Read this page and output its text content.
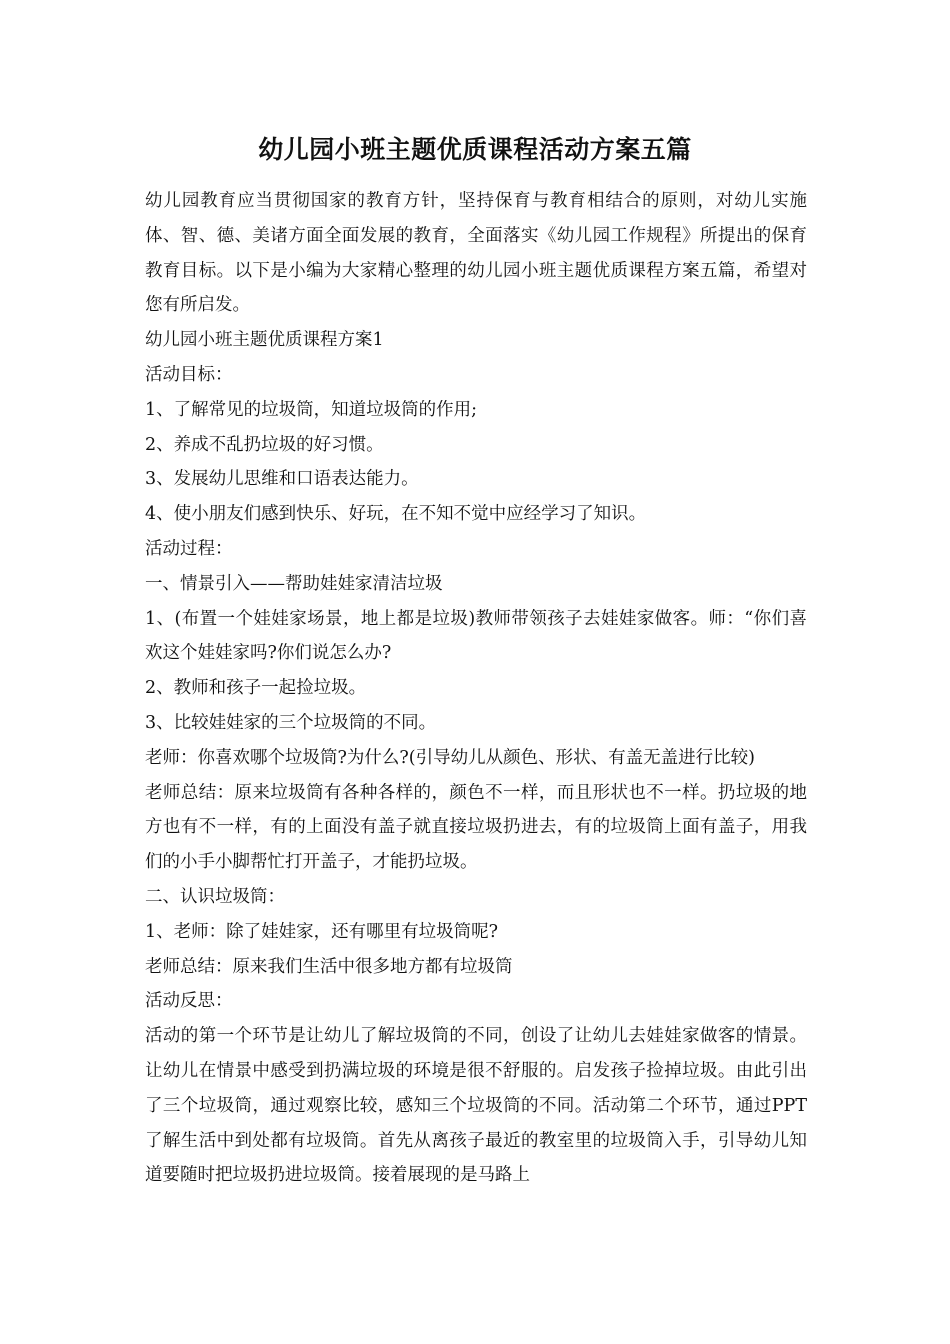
幼儿园小班主题优质课程活动方案五篇

幼儿园教育应当贯彻国家的教育方针，坚持保育与教育相结合的原则，对幼儿实施体、智、德、美诸方面全面发展的教育，全面落实《幼儿园工作规程》所提出的保育教育目标。以下是小编为大家精心整理的幼儿园小班主题优质课程方案五篇，希望对您有所启发。

幼儿园小班主题优质课程方案1

活动目标：

1、了解常见的垃圾筒，知道垃圾筒的作用;

2、养成不乱扔垃圾的好习惯。

3、发展幼儿思维和口语表达能力。

4、使小朋友们感到快乐、好玩，在不知不觉中应经学习了知识。

活动过程：

一、情景引入——帮助娃娃家清洁垃圾

1、(布置一个娃娃家场景，地上都是垃圾)教师带领孩子去娃娃家做客。师：“你们喜欢这个娃娃家吗?你们说怎么办?

2、教师和孩子一起捡垃圾。

3、比较娃娃家的三个垃圾筒的不同。

老师：你喜欢哪个垃圾筒?为什么?(引导幼儿从颜色、形状、有盖无盖进行比较)

老师总结：原来垃圾筒有各种各样的，颜色不一样，而且形状也不一样。扔垃圾的地方也有不一样，有的上面没有盖子就直接垃圾扔进去，有的垃圾筒上面有盖子，用我们的小手小脚帮忙打开盖子，才能扔垃圾。

二、认识垃圾筒：

1、老师：除了娃娃家，还有哪里有垃圾筒呢?

老师总结：原来我们生活中很多地方都有垃圾筒

活动反思：

活动的第一个环节是让幼儿了解垃圾筒的不同，创设了让幼儿去娃娃家做客的情景。让幼儿在情景中感受到扔满垃圾的环境是很不舒服的。启发孩子捡掉垃圾。由此引出了三个垃圾筒，通过观察比较，感知三个垃圾筒的不同。活动第二个环节，通过PPT了解生活中到处都有垃圾筒。首先从离孩子最近的教室里的垃圾筒入手，引导幼儿知道要随时把垃圾扔进垃圾筒。接着展现的是马路上
